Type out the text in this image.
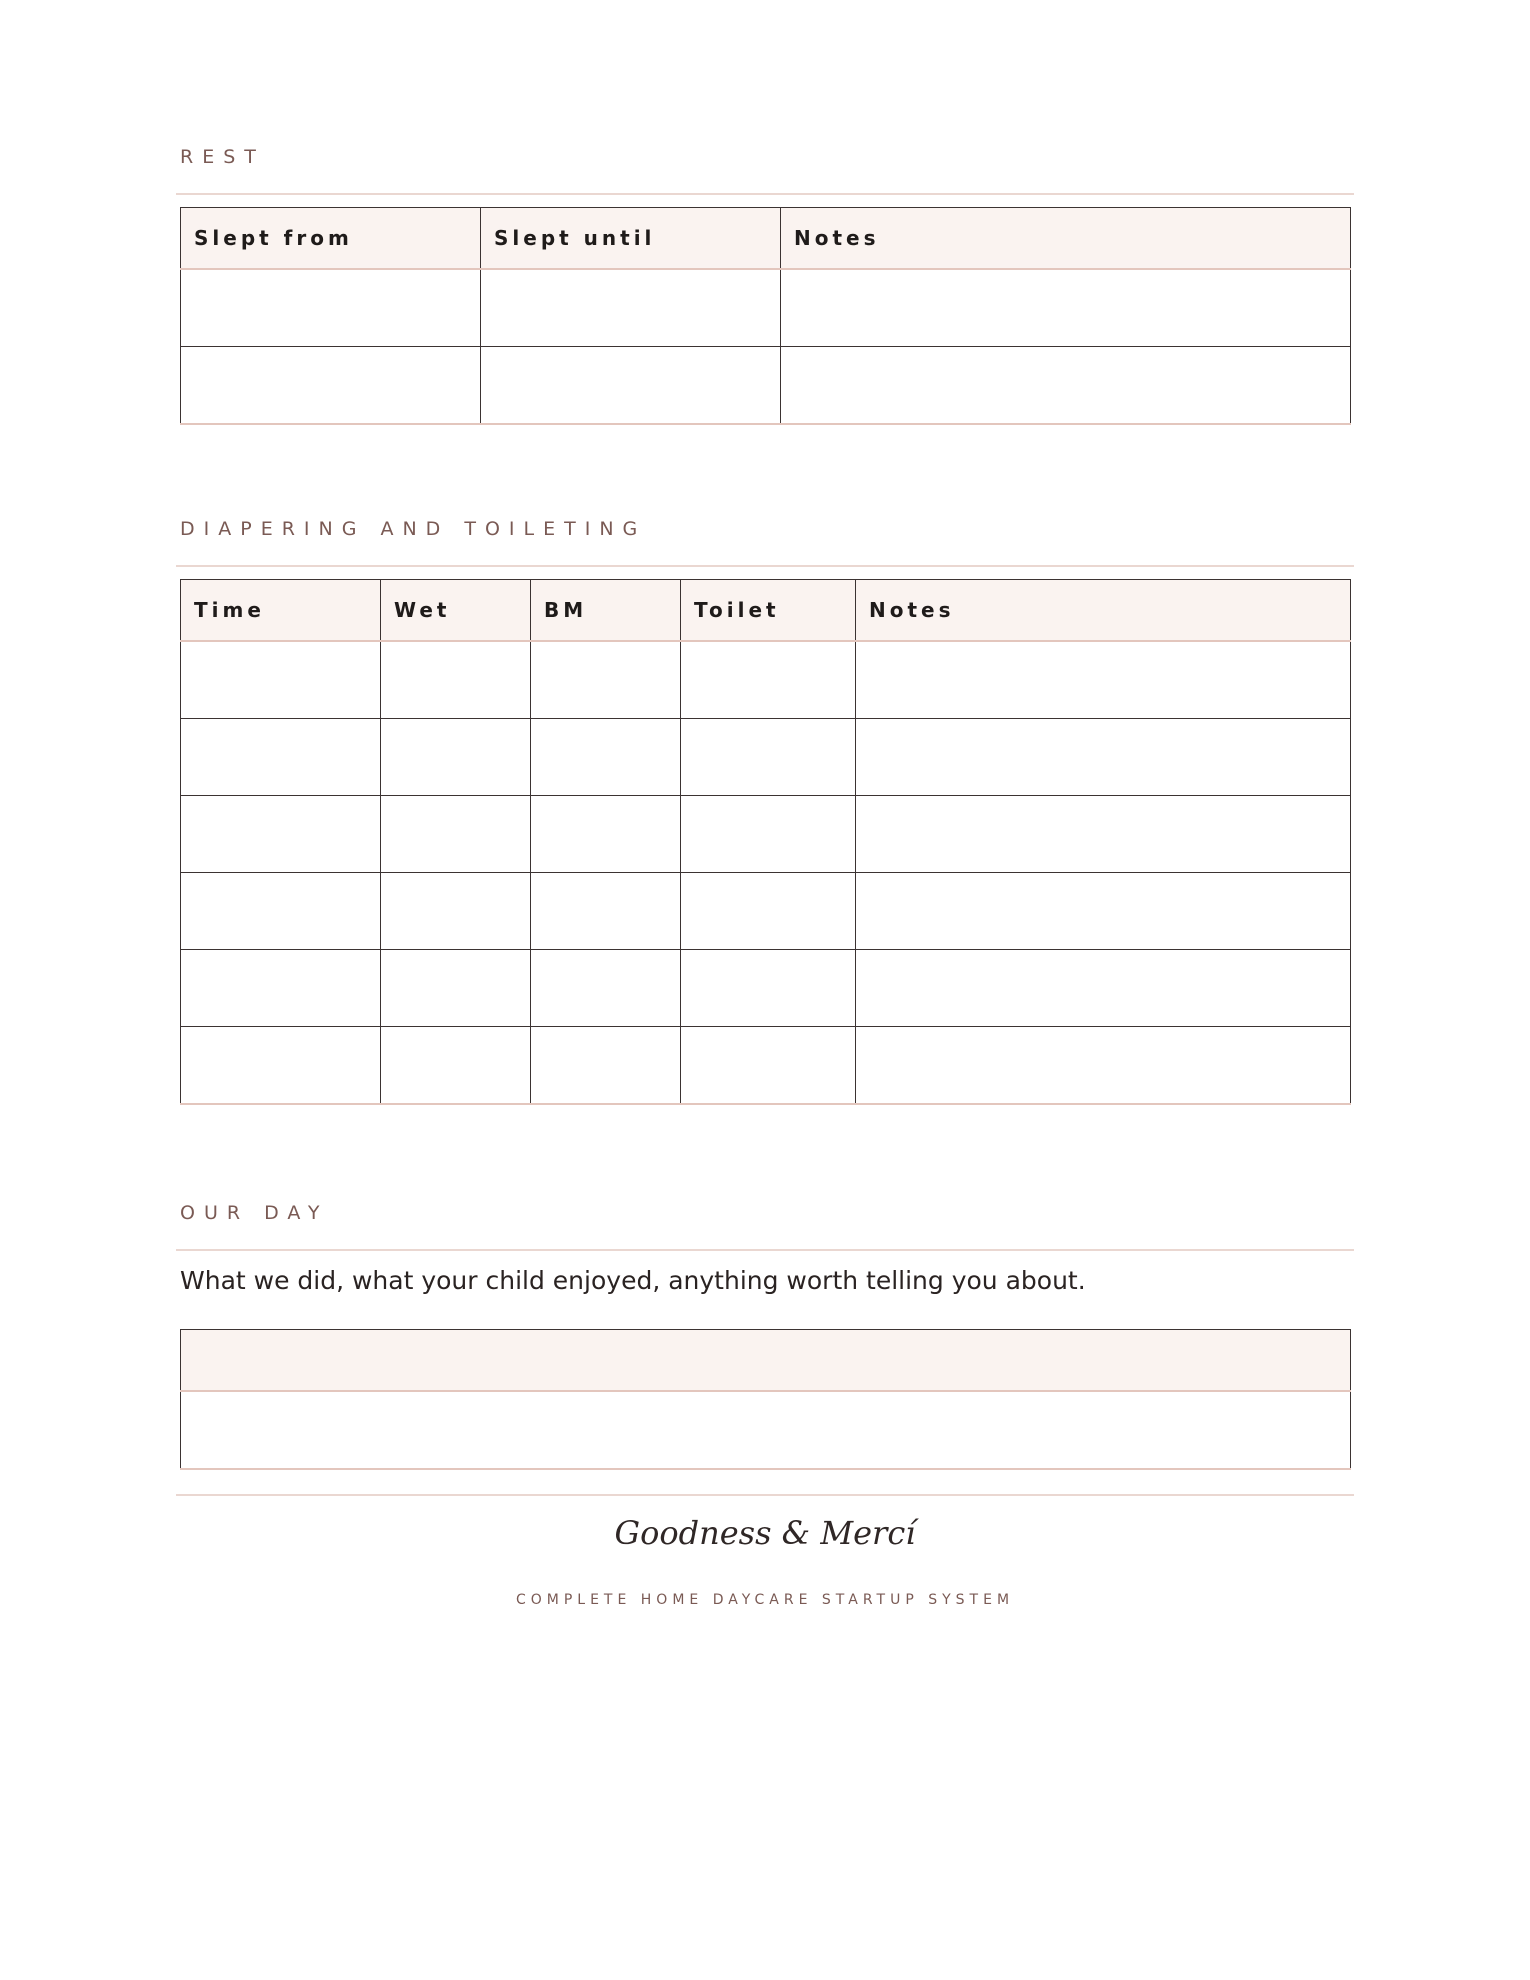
REST
Slept from	Slept until	Notes

DIAPERING AND TOILETING
Time	Wet	BM	Toilet	Notes

OUR DAY

What we did, what your child enjoyed, anything worth telling you about.

Goodness & Mercí
COMPLETE HOME DAYCARE STARTUP SYSTEM
